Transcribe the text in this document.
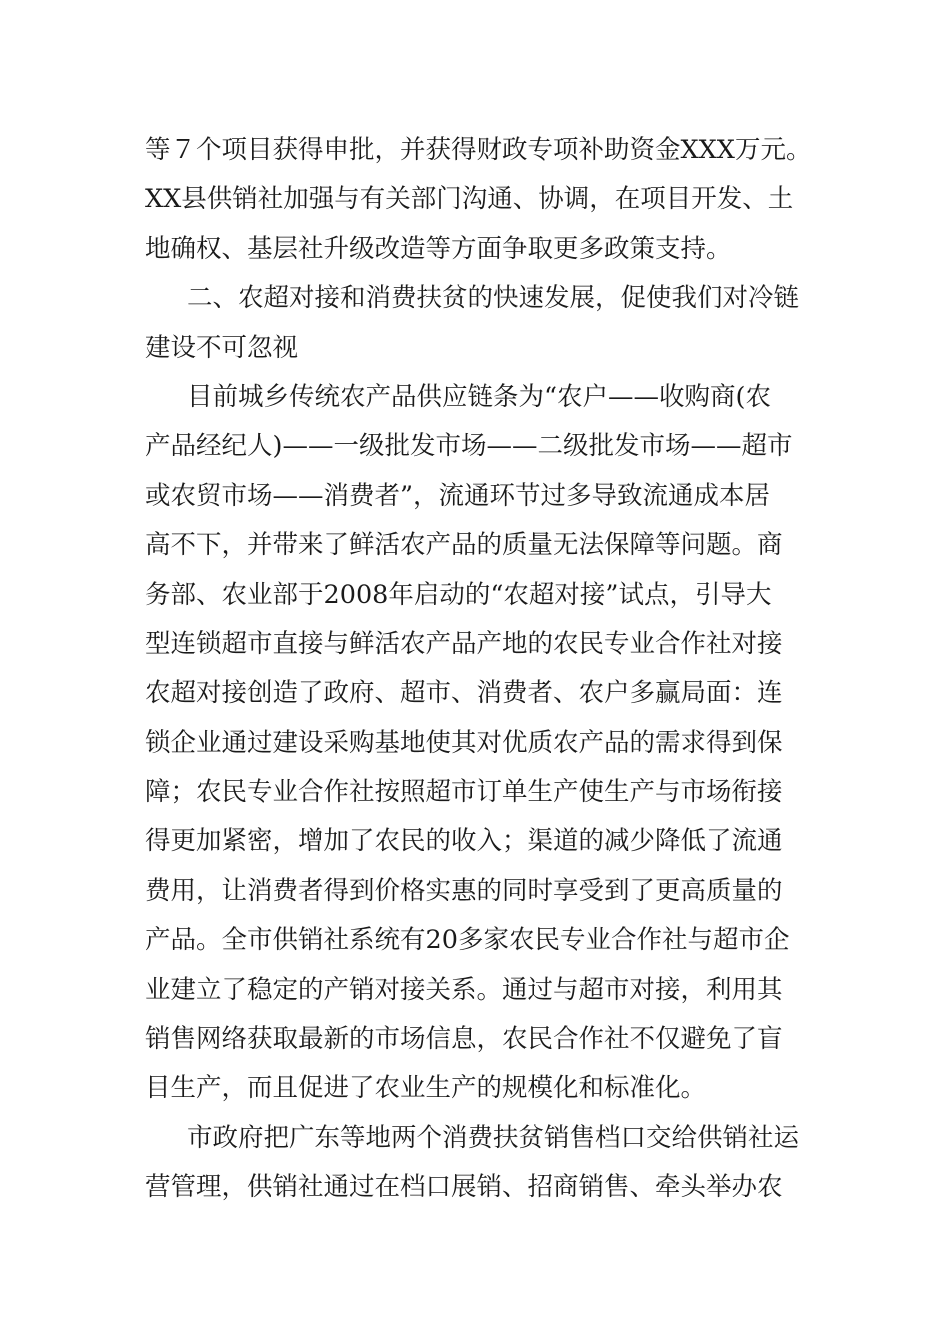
等７个项目获得申批，并获得财政专项补助资金XXX万元。
XX县供销社加强与有关部门沟通、协调，在项目开发、土
地确权、基层社升级改造等方面争取更多政策支持。
二、农超对接和消费扶贫的快速发展，促使我们对冷链
建设不可忽视
目前城乡传统农产品供应链条为“农户——收购商(农
产品经纪人)——一级批发市场——二级批发市场——超市
或农贸市场——消费者”，流通环节过多导致流通成本居
高不下，并带来了鲜活农产品的质量无法保障等问题。商
务部、农业部于2008年启动的“农超对接”试点，引导大
型连锁超市直接与鲜活农产品产地的农民专业合作社对接
农超对接创造了政府、超市、消费者、农户多赢局面：连
锁企业通过建设采购基地使其对优质农产品的需求得到保
障；农民专业合作社按照超市订单生产使生产与市场衔接
得更加紧密，增加了农民的收入；渠道的减少降低了流通
费用，让消费者得到价格实惠的同时享受到了更高质量的
产品。全市供销社系统有20多家农民专业合作社与超市企
业建立了稳定的产销对接关系。通过与超市对接，利用其
销售网络获取最新的市场信息，农民合作社不仅避免了盲
目生产，而且促进了农业生产的规模化和标准化。
市政府把广东等地两个消费扶贫销售档口交给供销社运
营管理，供销社通过在档口展销、招商销售、牵头举办农
